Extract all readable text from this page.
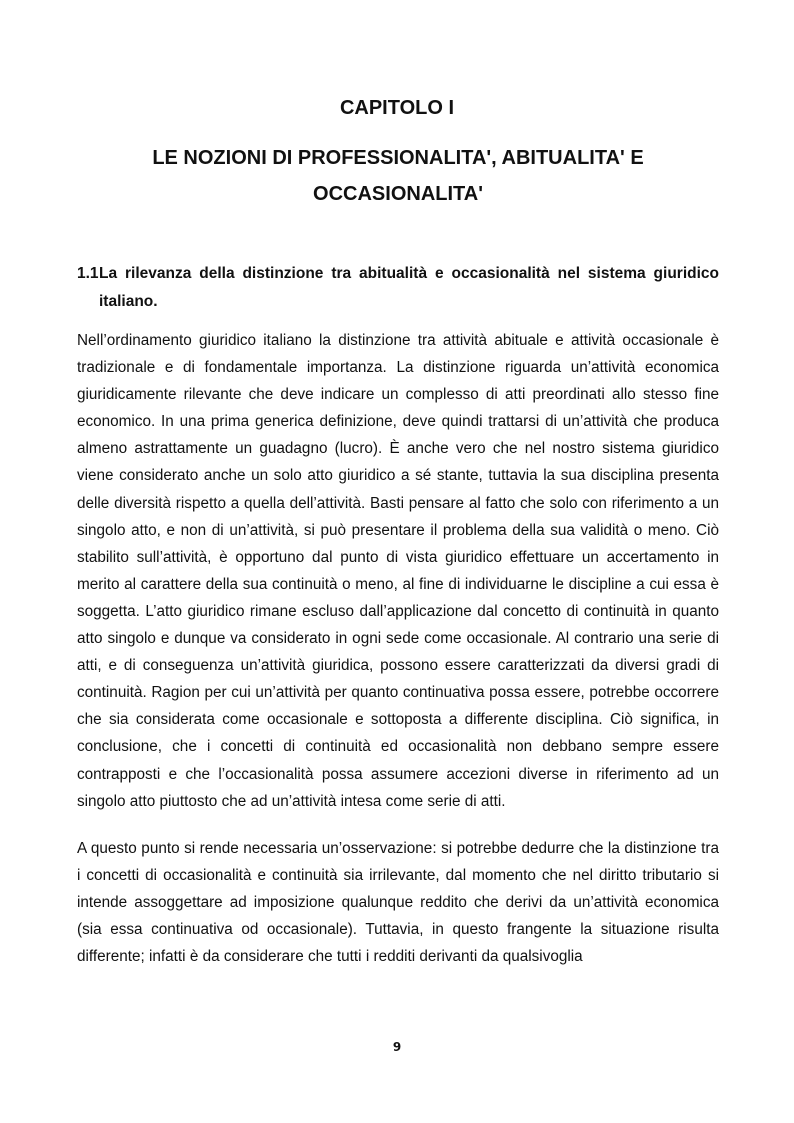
CAPITOLO I
LE NOZIONI DI PROFESSIONALITA', ABITUALITA' E OCCASIONALITA'
1.1 La rilevanza della distinzione tra abitualità e occasionalità nel sistema giuridico italiano.

Nell’ordinamento giuridico italiano la distinzione tra attività abituale e attività occasionale è tradizionale e di fondamentale importanza. La distinzione riguarda un’attività economica giuridicamente rilevante che deve indicare un complesso di atti preordinati allo stesso fine economico. In una prima generica definizione, deve quindi trattarsi di un’attività che produca almeno astrattamente un guadagno (lucro). È anche vero che nel nostro sistema giuridico viene considerato anche un solo atto giuridico a sé stante, tuttavia la sua disciplina presenta delle diversità rispetto a quella dell’attività. Basti pensare al fatto che solo con riferimento a un singolo atto, e non di un’attività, si può presentare il problema della sua validità o meno. Ciò stabilito sull’attività, è opportuno dal punto di vista giuridico effettuare un accertamento in merito al carattere della sua continuità o meno, al fine di individuarne le discipline a cui essa è soggetta. L’atto giuridico rimane escluso dall’applicazione dal concetto di continuità in quanto atto singolo e dunque va considerato in ogni sede come occasionale. Al contrario una serie di atti, e di conseguenza un’attività giuridica, possono essere caratterizzati da diversi gradi di continuità. Ragion per cui un’attività per quanto continuativa possa essere, potrebbe occorrere che sia considerata come occasionale e sottoposta a differente disciplina. Ciò significa, in conclusione, che i concetti di continuità ed occasionalità non debbano sempre essere contrapposti e che l’occasionalità possa assumere accezioni diverse in riferimento ad un singolo atto piuttosto che ad un’attività intesa come serie di atti.

A questo punto si rende necessaria un’osservazione: si potrebbe dedurre che la distinzione tra i concetti di occasionalità e continuità sia irrilevante, dal momento che nel diritto tributario si intende assoggettare ad imposizione qualunque reddito che derivi da un’attività economica (sia essa continuativa od occasionale). Tuttavia, in questo frangente la situazione risulta differente; infatti è da considerare che tutti i redditi derivanti da qualsivoglia

9
